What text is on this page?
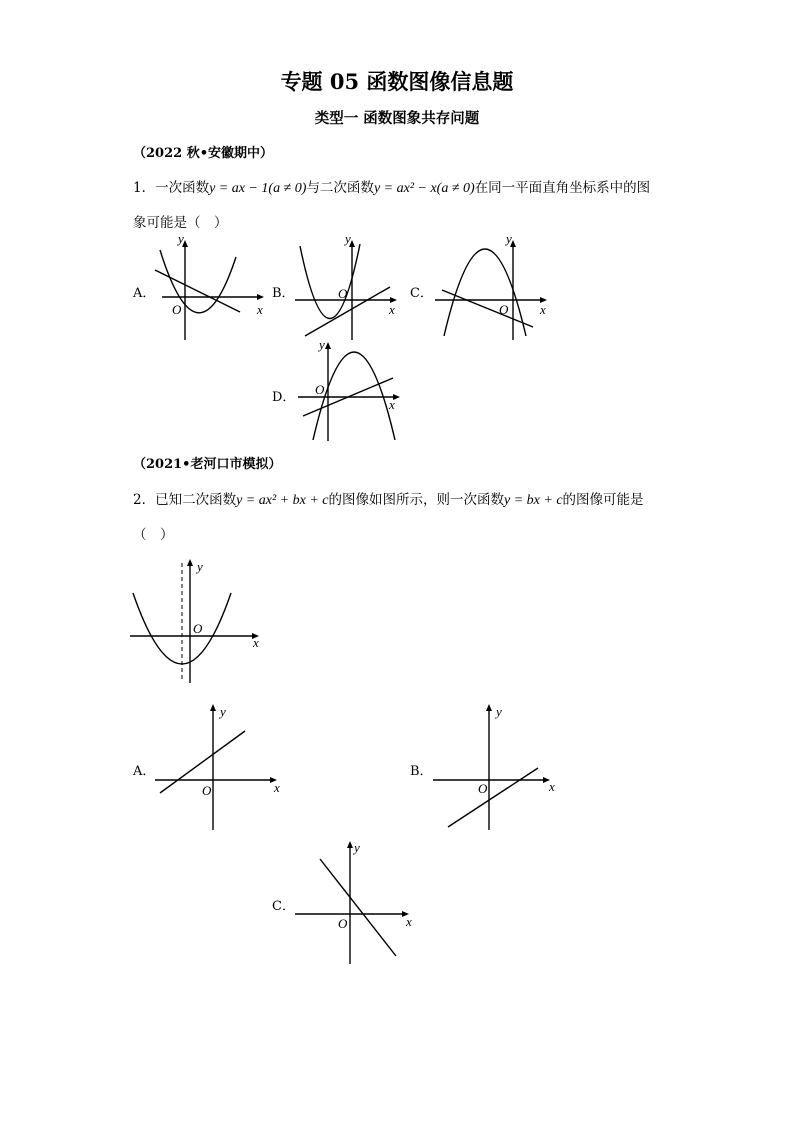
专题 05 函数图像信息题
类型一 函数图象共存问题
（2022 秋•安徽期中）
1．一次函数y = ax − 1(a ≠ 0)与二次函数y = ax² − x(a ≠ 0)在同一平面直角坐标系中的图
象可能是（　）
A．
y
x
O
B．
y
x
O	C．
y
x
O
D．
y
x
O
（2021•老河口市模拟）
2．已知二次函数y = ax² + bx + c的图像如图所示，则一次函数y = bx + c的图像可能是
（　）
y
x
O
A．
y
x
O
B．
y
x
O
C．
y
x
O
